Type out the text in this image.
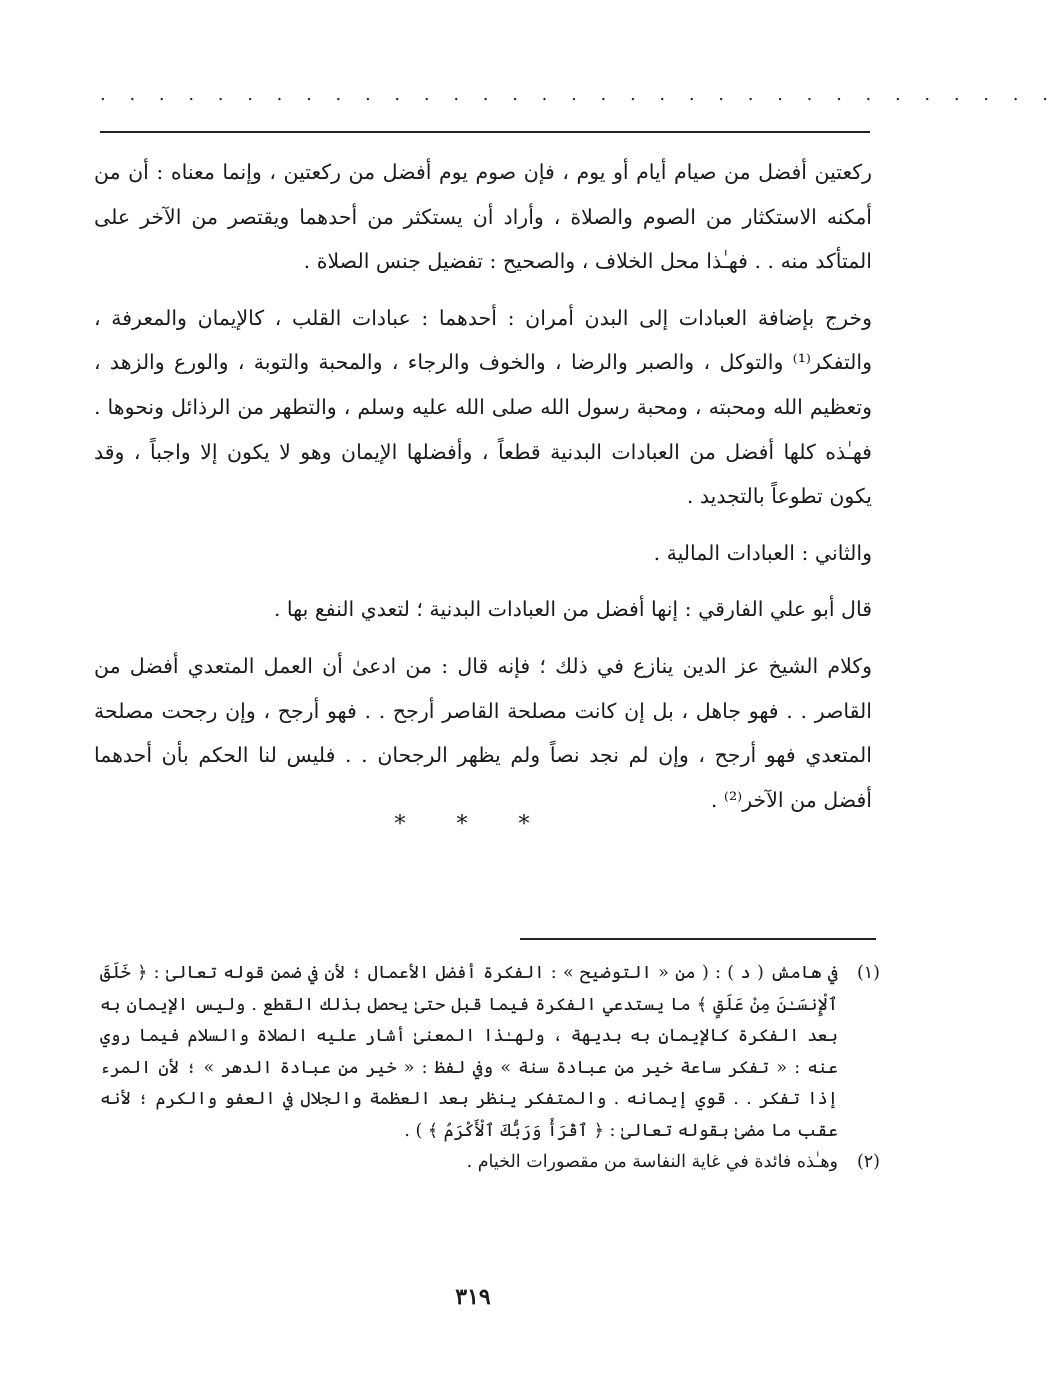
. . . . . . . . . . . . . . . . . . . . . . . . . . . . . . . . .

ركعتين أفضل من صيام أيام أو يوم ، فإن صوم يوم أفضل من ركعتين ، وإنما معناه : أن من أمكنه الاستكثار من الصوم والصلاة ، وأراد أن يستكثر من أحدهما ويقتصر من الآخر على المتأكد منه . . فهـٰذا محل الخلاف ، والصحيح : تفضيل جنس الصلاة .

وخرج بإضافة العبادات إلى البدن أمران : أحدهما : عبادات القلب ، كالإيمان والمعرفة ، والتفكر⁽¹⁾ والتوكل ، والصبر والرضا ، والخوف والرجاء ، والمحبة والتوبة ، والورع والزهد ، وتعظيم الله ومحبته ، ومحبة رسول الله صلى الله عليه وسلم ، والتطهر من الرذائل ونحوها . فهـٰذه كلها أفضل من العبادات البدنية قطعاً ، وأفضلها الإيمان وهو لا يكون إلا واجباً ، وقد يكون تطوعاً بالتجديد .

والثاني : العبادات المالية .

قال أبو علي الفارقي : إنها أفضل من العبادات البدنية ؛ لتعدي النفع بها .

وكلام الشيخ عز الدين ينازع في ذلك ؛ فإنه قال : من ادعىٰ أن العمل المتعدي أفضل من القاصر . . فهو جاهل ، بل إن كانت مصلحة القاصر أرجح . . فهو أرجح ، وإن رجحت مصلحة المتعدي فهو أرجح ، وإن لم نجد نصاً ولم يظهر الرجحان . . فليس لنا الحكم بأن أحدهما أفضل من الآخر⁽²⁾ .

* * *
(١)
في هامش ( د ) : ( من « التوضيح » : الفكرة أفضل الأعمال ؛ لأن في ضمن قوله تعالىٰ : ﴿ خَلَقَ ٱلْإِنسَـٰنَ مِنْ عَلَقٍ ﴾ ما يستدعي الفكرة فيما قبل حتىٰ يحصل بذلك القطع . وليس الإيمان به بعد الفكرة كالإيمان به بديهة ، ولهـٰذا المعنىٰ أشار عليه الصلاة والسلام فيما روي عنه : « تفكر ساعة خير من عبادة سنة » وفي لفظ : « خير من عبادة الدهر » ؛ لأن المرء إذا تفكر . . قوي إيمانه . والمتفكر ينظر بعد العظمة والجلال في العفو والكرم ؛ لأنه عقب ما مضىٰ بقوله تعالىٰ : ﴿ ٱقْرَأْ وَرَبُّكَ ٱلْأَكْرَمُ ﴾ ) .
(٢)
وهـٰذه فائدة في غاية النفاسة من مقصورات الخيام .
٣١٩
